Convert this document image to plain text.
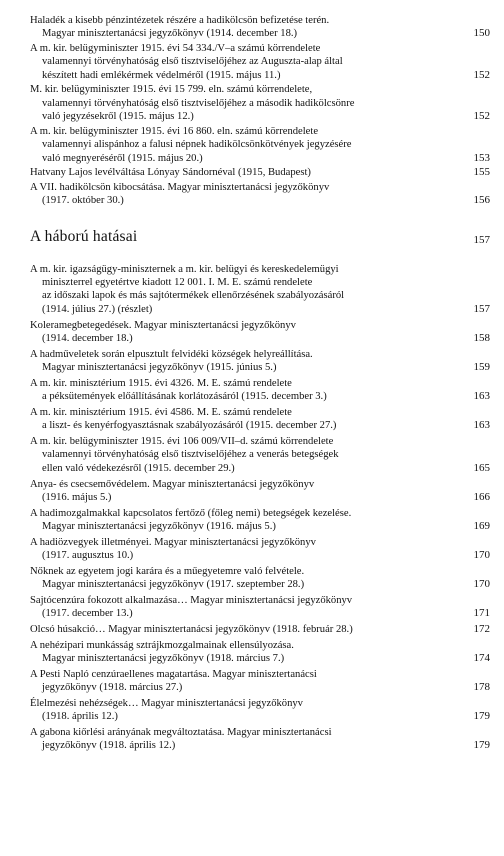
Haladék a kisebb pénzintézetek részére a hadikölcsön befizetése terén.
Magyar minisztertanácsi jegyzőkönyv (1914. december 18.)	150
A m. kir. belügyminiszter 1915. évi 54 334./V–a számú körrendelete
valamennyi törvényhatóság első tisztviselőjéhez az Augusztа-alap által
készített hadi emlékérmek védelméről (1915. május 11.)	152
M. kir. belügyminiszter 1915. évi 15 799. eln. számú körrendelete,
valamennyi törvényhatóság első tisztviselőjéhez a második hadikölcsönre
való jegyzésekről (1915. május 12.)	152
A m. kir. belügyminiszter 1915. évi 16 860. eln. számú körrendelete
valamennyi alispánhoz a falusi népnek hadikölcsönkötvények jegyzésére
való megnyeréséről (1915. május 20.)	153
Hatvany Lajos levélváltása Lónyay Sándornéval (1915, Budapest)	155
A VII. hadikölcsön kibocsátása. Magyar minisztertanácsi jegyzőkönyv
(1917. október 30.)	156
A háború hatásai	157
A m. kir. igazságügy-miniszternek a m. kir. belügyi és kereskedelemügyi
miniszterrel egyetértve kiadott 12 001. I. M. E. számú rendelete
az időszaki lapok és más sajtótermékek ellenőrzésének szabályozásáról
(1914. július 27.) (részlet)	157
Koleramegbetegedések. Magyar minisztertanácsi jegyzőkönyv
(1914. december 18.)	158
A hadműveletek során elpusztult felvidéki községek helyreállítása.
Magyar minisztertanácsi jegyzőkönyv (1915. június 5.)	159
A m. kir. minisztérium 1915. évi 4326. M. E. számú rendelete
a péksütemények előállításának korlátozásáról (1915. december 3.)	163
A m. kir. minisztérium 1915. évi 4586. M. E. számú rendelete
a liszt- és kenyérfogyasztásnak szabályozásáról (1915. december 27.)	163
A m. kir. belügyminiszter 1915. évi 106 009/VII–d. számú körrendelete
valamennyi törvényhatóság első tisztviselőjéhez a venerás betegségek
ellen való védekezésről (1915. december 29.)	165
Anya- és csecsemővédelem. Magyar minisztertanácsi jegyzőkönyv
(1916. május 5.)	166
A hadimozgalmakkal kapcsolatos fertőző (főleg nemi) betegségek kezelése.
Magyar minisztertanácsi jegyzőkönyv (1916. május 5.)	169
A hadiözvegyek illetményei. Magyar minisztertanácsi jegyzőkönyv
(1917. augusztus 10.)	170
Nőknek az egyetem jogi karára és a műegyetemre való felvétele.
Magyar minisztertanácsi jegyzőkönyv (1917. szeptember 28.)	170
Sajtócenzúra fokozott alkalmazása… Magyar minisztertanácsi jegyzőkönyv
(1917. december 13.)	171
Olcsó húsakció… Magyar minisztertanácsi jegyzőkönyv (1918. február 28.)	172
A nehézipari munkásság sztrájkmozgalmainak ellensúlyozása.
Magyar minisztertanácsi jegyzőkönyv (1918. március 7.)	174
A Pesti Napló cenzúraellenes magatartása. Magyar minisztertanácsi
jegyzőkönyv (1918. március 27.)	178
Élelmezési nehézségek… Magyar minisztertanácsi jegyzőkönyv
(1918. április 12.)	179
A gabona kiőrlési arányának megváltoztatása. Magyar minisztertanácsi
jegyzőkönyv (1918. április 12.)	179
